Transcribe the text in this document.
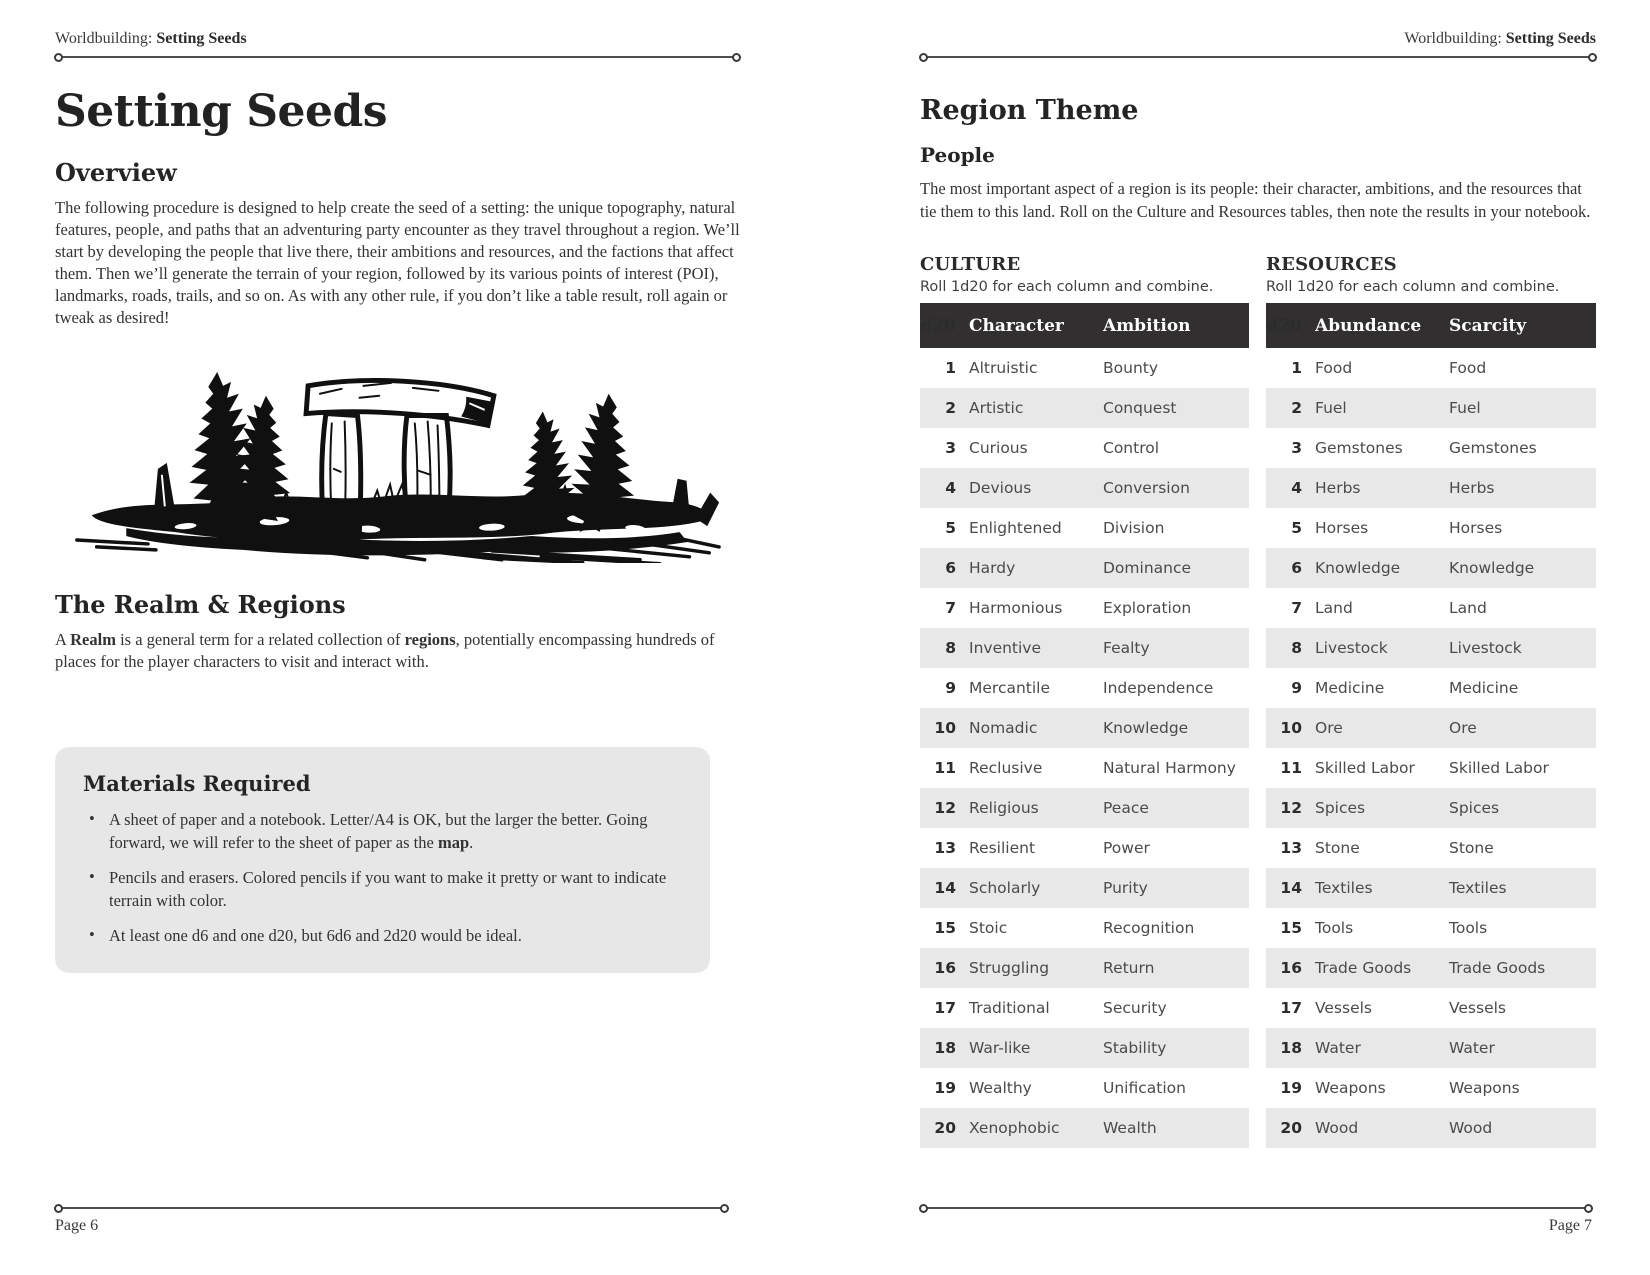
Worldbuilding: Setting Seeds
Setting Seeds
Overview

The following procedure is designed to help create the seed of a setting: the unique topography, natural features, people, and paths that an adventuring party encounter as they travel throughout a region. We’ll start by developing the people that live there, their ambitions and resources, and the factions that affect them. Then we’ll generate the terrain of your region, followed by its various points of interest (POI), landmarks, roads, trails, and so on. As with any other rule, if you don’t like a table result, roll again or tweak as desired!

The Realm & Regions

A Realm is a general term for a related collection of regions, potentially encompassing hundreds of places for the player characters to visit and interact with.

Materials Required
• A sheet of paper and a notebook. Letter/A4 is OK, but the larger the better. Going forward, we will refer to the sheet of paper as the map.
• Pencils and erasers. Colored pencils if you want to make it pretty or want to indicate terrain with color.
• At least one d6 and one d20, but 6d6 and 2d20 would be ideal.
Worldbuilding: Setting Seeds
Region Theme
People

The most important aspect of a region is its people: their character, ambitions, and the resources that tie them to this land. Roll on the Culture and Resources tables, then note the results in your notebook.

CULTURE
Roll 1d20 for each column and combine.
d20	Character	Ambition
1	Altruistic	Bounty
2	Artistic	Conquest
3	Curious	Control
4	Devious	Conversion
5	Enlightened	Division
6	Hardy	Dominance
7	Harmonious	Exploration
8	Inventive	Fealty
9	Mercantile	Independence
10	Nomadic	Knowledge
11	Reclusive	Natural Harmony
12	Religious	Peace
13	Resilient	Power
14	Scholarly	Purity
15	Stoic	Recognition
16	Struggling	Return
17	Traditional	Security
18	War-like	Stability
19	Wealthy	Unification
20	Xenophobic	Wealth
RESOURCES
Roll 1d20 for each column and combine.
d20	Abundance	Scarcity
1	Food	Food
2	Fuel	Fuel
3	Gemstones	Gemstones
4	Herbs	Herbs
5	Horses	Horses
6	Knowledge	Knowledge
7	Land	Land
8	Livestock	Livestock
9	Medicine	Medicine
10	Ore	Ore
11	Skilled Labor	Skilled Labor
12	Spices	Spices
13	Stone	Stone
14	Textiles	Textiles
15	Tools	Tools
16	Trade Goods	Trade Goods
17	Vessels	Vessels
18	Water	Water
19	Weapons	Weapons
20	Wood	Wood
Page 6	Page 7
